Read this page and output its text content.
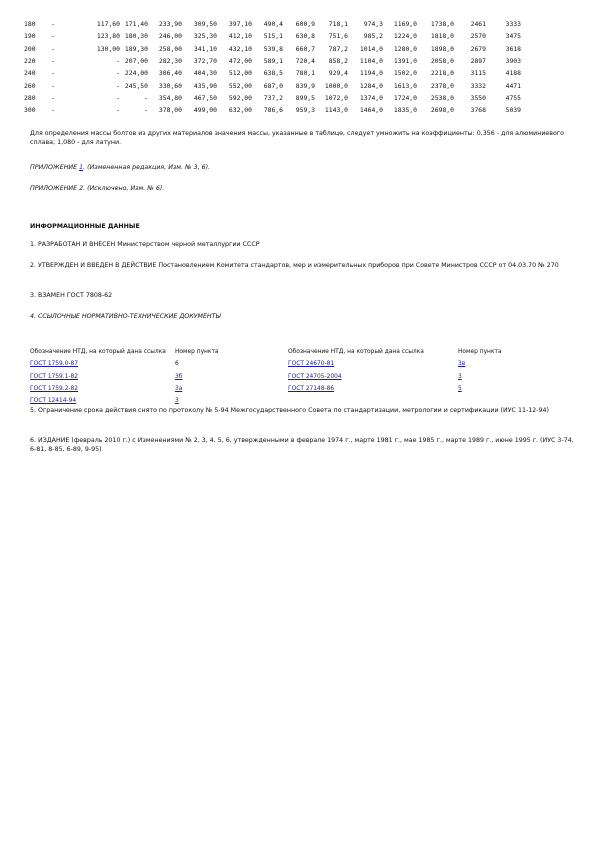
180	-	117,60	171,40	233,90	309,50	397,10	490,4	600,9	718,1	974,3	1169,0	1738,0	2461	3333
190	-	123,80	180,30	246,00	325,30	412,10	515,1	630,8	751,6	985,2	1224,0	1818,0	2570	3475
200	-	130,00	189,30	258,00	341,10	432,10	539,8	660,7	787,2	1014,0	1280,0	1898,0	2679	3618
220	-	-	207,00	282,30	372,70	472,00	589,1	720,4	858,2	1104,0	1391,0	2058,0	2897	3903
240	-	-	224,00	306,40	404,30	512,00	638,5	780,1	929,4	1194,0	1502,0	2218,0	3115	4188
260	-	-	245,50	330,60	435,90	552,00	687,0	839,9	1000,0	1284,0	1613,0	2378,0	3332	4471
280	-	-	-	354,80	467,50	592,00	737,2	899,5	1072,0	1374,0	1724,0	2538,0	3550	4755
300	-	-	-	378,00	499,00	632,00	786,6	959,3	1143,0	1464,0	1835,0	2698,0	3768	5039
Для определения массы болтов из других материалов значения массы, указанные в таблице, следует умножить на коэффициенты: 0,356 - для алюминиевого сплава; 1,080 - для латуни.
ПРИЛОЖЕНИЕ 1. (Измененная редакция, Изм. № 3, 6).
ПРИЛОЖЕНИЕ 2. (Исключено, Изм. № 6).
ИНФОРМАЦИОННЫЕ ДАННЫЕ
1. РАЗРАБОТАН И ВНЕСЕН Министерством черной металлургии СССР
2. УТВЕРЖДЕН И ВВЕДЕН В ДЕЙСТВИЕ Постановлением Комитета стандартов, мер и измерительных приборов при Совете Министров СССР от 04.03.70 № 270
3. ВЗАМЕН ГОСТ 7808-62
4. ССЫЛОЧНЫЕ НОРМАТИВНО-ТЕХНИЧЕСКИЕ ДОКУМЕНТЫ
Обозначение НТД, на который дана ссылка	Номер пункта	Обозначение НТД, на который дана ссылка	Номер пункта
ГОСТ 1759.0-87	6	ГОСТ 24670-81	3в
ГОСТ 1759.1-82	3б	ГОСТ 24705-2004	3
ГОСТ 1759.2-82	3а	ГОСТ 27148-86	5
ГОСТ 12414-94	3		
5. Ограничение срока действия снято по протоколу № 5-94 Межгосударственного Совета по стандартизации, метрологии и сертификации (ИУС 11-12-94)
6. ИЗДАНИЕ (февраль 2010 г.) с Изменениями № 2, 3, 4, 5, 6, утвержденными в феврале 1974 г., марте 1981 г., мае 1985 г., марте 1989 г., июне 1995 г. (ИУС 3-74, 6-81, 8-85, 6-89, 9-95)
